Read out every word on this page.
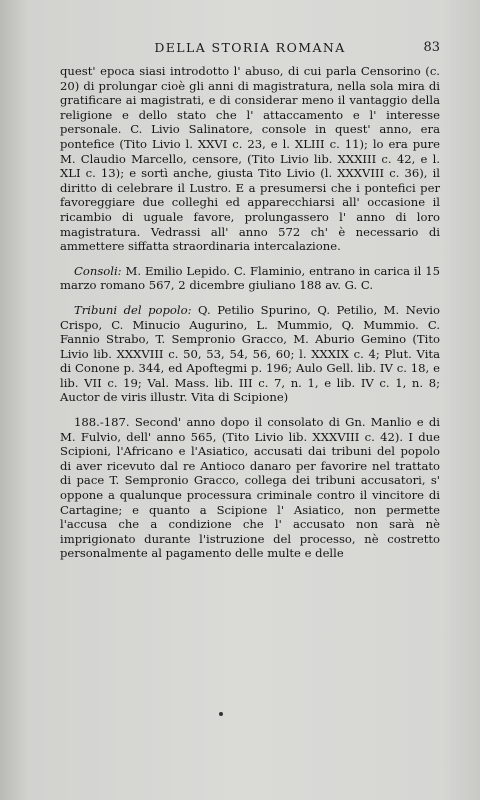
DELLA STORIA ROMANA	83

quest' epoca siasi introdotto l' abuso, di cui parla Censorino (c. 20) di prolungar cioè gli anni di magistratura, nella sola mira di gratificare ai magistrati, e di considerar meno il vantaggio della religione e dello stato che l' attaccamento e l' interesse personale. C. Livio Salinatore, console in quest' anno, era pontefice (Tito Livio l. XXVI c. 23, e l. XLIII c. 11); lo era pure M. Claudio Marcello, censore, (Tito Livio lib. XXXIII c. 42, e l. XLI c. 13); e sortì anche, giusta Tito Livio (l. XXXVIII c. 36), il diritto di celebrare il Lustro. E a presumersi che i pontefici per favoreggiare due colleghi ed apparecchiarsi all' occasione il ricambio di uguale favore, prolungassero l' anno di loro magistratura. Vedrassi all' anno 572 ch' è necessario di ammettere siffatta straordinaria intercalazione.

Consoli: M. Emilio Lepido. C. Flaminio, entrano in carica il 15 marzo romano 567, 2 dicembre giuliano 188 av. G. C.

Tribuni del popolo: Q. Petilio Spurino, Q. Petilio, M. Nevio Crispo, C. Minucio Augurino, L. Mummio, Q. Mummio. C. Fannio Strabo, T. Sempronio Gracco, M. Aburio Gemino (Tito Livio lib. XXXVIII c. 50, 53, 54, 56, 60; l. XXXIX c. 4; Plut. Vita di Conone p. 344, ed Apoftegmi p. 196; Aulo Gell. lib. IV c. 18, e lib. VII c. 19; Val. Mass. lib. III c. 7, n. 1, e lib. IV c. 1, n. 8; Auctor de viris illustr. Vita di Scipione)

188.-187. Second' anno dopo il consolato di Gn. Manlio e di M. Fulvio, dell' anno 565, (Tito Livio lib. XXXVIII c. 42). I due Scipioni, l'Africano e l'Asiatico, accusati dai tribuni del popolo di aver ricevuto dal re Antioco danaro per favorire nel trattato di pace T. Sempronio Gracco, collega dei tribuni accusatori, s' oppone a qualunque processura criminale contro il vincitore di Cartagine; e quanto a Scipione l' Asiatico, non permette l'accusa che a condizione che l' accusato non sarà nè imprigionato durante l'istruzione del processo, nè costretto personalmente al pagamento delle multe e delle
